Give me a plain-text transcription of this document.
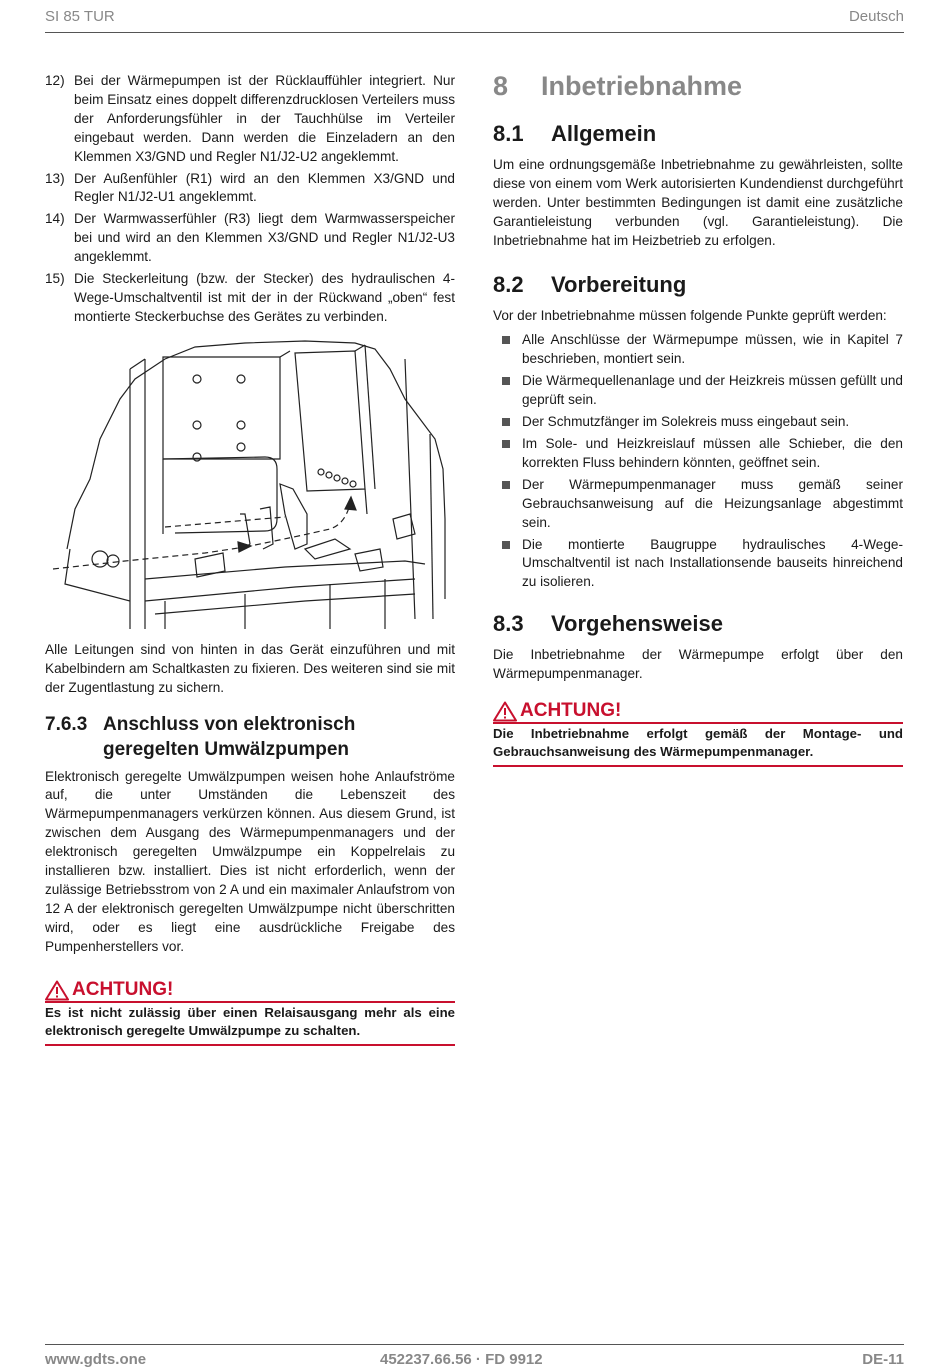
SI 85 TUR	Deutsch
12) Bei der Wärmepumpen ist der Rücklauffühler integriert. Nur beim Einsatz eines doppelt differenzdrucklosen Verteilers muss der Anforderungsfühler in der Tauchhülse im Verteiler eingebaut werden. Dann werden die Einzeladern an den Klemmen X3/GND und Regler N1/J2-U2 angeklemmt.
13) Der Außenfühler (R1) wird an den Klemmen X3/GND und Regler N1/J2-U1 angeklemmt.
14) Der Warmwasserfühler (R3) liegt dem Warmwasserspeicher bei und wird an den Klemmen X3/GND und Regler N1/J2-U3 angeklemmt.
15) Die Steckerleitung (bzw. der Stecker) des hydraulischen 4-Wege-Umschaltventil ist mit der in der Rückwand „oben“ fest montierte Steckerbuchse des Gerätes zu verbinden.

Alle Leitungen sind von hinten in das Gerät einzuführen und mit Kabelbindern am Schaltkasten zu fixieren. Des weiteren sind sie mit der Zugentlastung zu sichern.

7.6.3 Anschluss von elektronisch geregelten Umwälzpumpen

Elektronisch geregelte Umwälzpumpen weisen hohe Anlaufströme auf, die unter Umständen die Lebenszeit des Wärmepumpenmanagers verkürzen können. Aus diesem Grund, ist zwischen dem Ausgang des Wärmepumpenmanagers und der elektronisch geregelten Umwälzpumpe ein Koppelrelais zu installieren bzw. installiert. Dies ist nicht erforderlich, wenn der zulässige Betriebsstrom von 2 A und ein maximaler Anlaufstrom von 12 A der elektronisch geregelten Umwälzpumpe nicht überschritten wird, oder es liegt eine ausdrückliche Freigabe des Pumpenherstellers vor.

ACHTUNG!
Es ist nicht zulässig über einen Relaisausgang mehr als eine elektronisch geregelte Umwälzpumpe zu schalten.
8 Inbetriebnahme
8.1 Allgemein

Um eine ordnungsgemäße Inbetriebnahme zu gewährleisten, sollte diese von einem vom Werk autorisierten Kundendienst durchgeführt werden. Unter bestimmten Bedingungen ist damit eine zusätzliche Garantieleistung verbunden (vgl. Garantieleistung). Die Inbetriebnahme hat im Heizbetrieb zu erfolgen.

8.2 Vorbereitung

Vor der Inbetriebnahme müssen folgende Punkte geprüft werden:

Alle Anschlüsse der Wärmepumpe müssen, wie in Kapitel 7 beschrieben, montiert sein.
Die Wärmequellenanlage und der Heizkreis müssen gefüllt und geprüft sein.
Der Schmutzfänger im Solekreis muss eingebaut sein.
Im Sole- und Heizkreislauf müssen alle Schieber, die den korrekten Fluss behindern könnten, geöffnet sein.
Der Wärmepumpenmanager muss gemäß seiner Gebrauchsanweisung auf die Heizungsanlage abgestimmt sein.
Die montierte Baugruppe hydraulisches 4-Wege-Umschaltventil ist nach Installationsende bauseits hinreichend zu isolieren.
8.3 Vorgehensweise

Die Inbetriebnahme der Wärmepumpe erfolgt über den Wärmepumpenmanager.

ACHTUNG!
Die Inbetriebnahme erfolgt gemäß der Montage- und Gebrauchsanweisung des Wärmepumpenmanager.
www.gdts.one	452237.66.56 · FD 9912	DE-11
